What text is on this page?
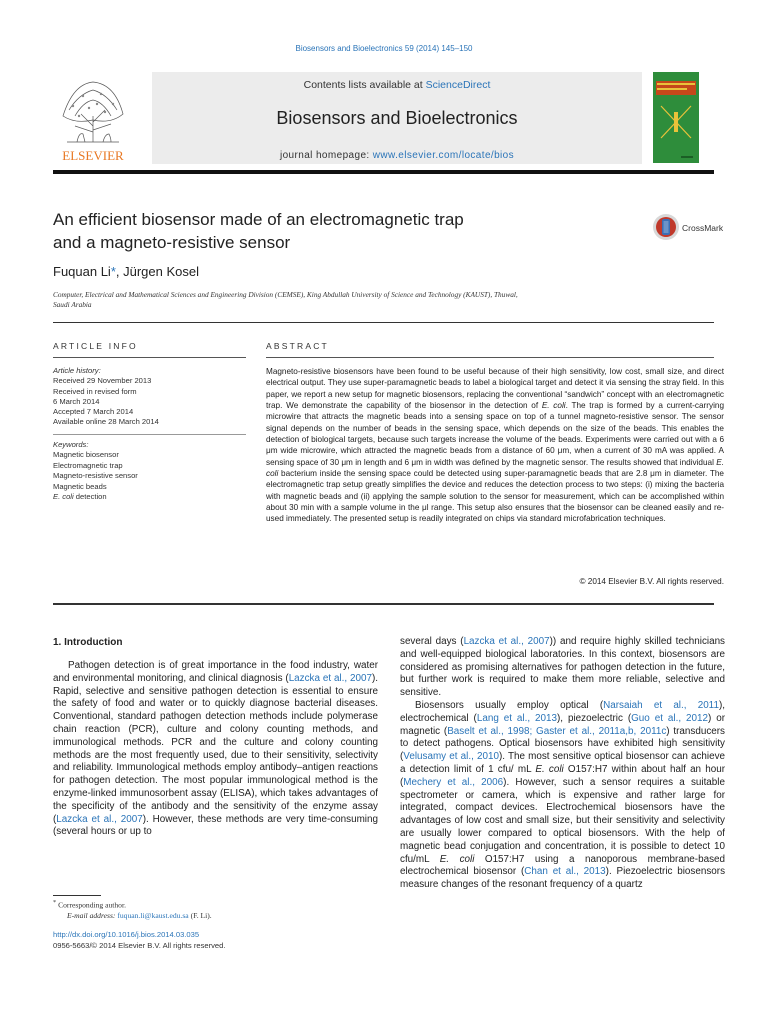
Biosensors and Bioelectronics 59 (2014) 145–150
ELSEVIER
Contents lists available at ScienceDirect
Biosensors and Bioelectronics
journal homepage: www.elsevier.com/locate/bios
An efficient biosensor made of an electromagnetic trap
and a magneto-resistive sensor
CrossMark
Fuquan Li*, Jürgen Kosel
Computer, Electrical and Mathematical Sciences and Engineering Division (CEMSE), King Abdullah University of Science and Technology (KAUST), Thuwal,
Saudi Arabia
ARTICLE INFO
Article history:
Received 29 November 2013
Received in revised form
6 March 2014
Accepted 7 March 2014
Available online 28 March 2014
Keywords:
Magnetic biosensor
Electromagnetic trap
Magneto-resistive sensor
Magnetic beads
E. coli detection
ABSTRACT
Magneto-resistive biosensors have been found to be useful because of their high sensitivity, low cost, small size, and direct electrical output. They use super-paramagnetic beads to label a biological target and detect it via sensing the stray field. In this paper, we report a new setup for magnetic biosensors, replacing the conventional “sandwich” concept with an electromagnetic trap. We demonstrate the capability of the biosensor in the detection of E. coli. The trap is formed by a current-carrying microwire that attracts the magnetic beads into a sensing space on top of a tunnel magneto-resistive sensor. The sensor signal depends on the number of beads in the sensing space, which depends on the size of the beads. This enables the detection of biological targets, because such targets increase the volume of the beads. Experiments were carried out with a 6 μm wide microwire, which attracted the magnetic beads from a distance of 60 μm, when a current of 30 mA was applied. A sensing space of 30 μm in length and 6 μm in width was defined by the magnetic sensor. The results showed that individual E. coli bacterium inside the sensing space could be detected using super-paramagnetic beads that are 2.8 μm in diameter. The electromagnetic trap setup greatly simplifies the device and reduces the detection process to two steps: (i) mixing the bacteria with magnetic beads and (ii) applying the sample solution to the sensor for measurement, which can be accomplished within about 30 min with a sample volume in the μl range. This setup also ensures that the biosensor can be cleaned easily and re-used immediately. The presented setup is readily integrated on chips via standard microfabrication techniques.
© 2014 Elsevier B.V. All rights reserved.
1. Introduction

Pathogen detection is of great importance in the food industry, water and environmental monitoring, and clinical diagnosis (Lazcka et al., 2007). Rapid, selective and sensitive pathogen detection is essential to ensure the safety of food and water or to quickly diagnose bacterial diseases. Conventional, standard pathogen detection methods include polymerase chain reaction (PCR), culture and colony counting methods, and immunological methods. PCR and the culture and colony counting methods are the most frequently used, due to their sensitivity, selectivity and reliability. Immunological methods employ antibody–antigen reactions for pathogen detection. The most popular immunological method is the enzyme-linked immunosorbent assay (ELISA), which takes advantages of the specificity of the antibody and the sensitivity of the enzyme assay (Lazcka et al., 2007). However, these methods are very time-consuming (several hours or up to

several days (Lazcka et al., 2007)) and require highly skilled technicians and well-equipped biological laboratories. In this context, biosensors are considered as promising alternatives for pathogen detection in the future, but further work is required to make them more reliable, selective and sensitive.

Biosensors usually employ optical (Narsaiah et al., 2011), electrochemical (Lang et al., 2013), piezoelectric (Guo et al., 2012) or magnetic (Baselt et al., 1998; Gaster et al., 2011a,b, 2011c) transducers to detect pathogens. Optical biosensors have exhibited high sensitivity (Velusamy et al., 2010). The most sensitive optical biosensor can achieve a detection limit of 1 cfu/ mL E. coli O157:H7 within about half an hour (Mechery et al., 2006). However, such a sensor requires a suitable spectrometer or camera, which is expensive and rather large for integrated, compact devices. Electrochemical biosensors have the advantages of low cost and small size, but their sensitivity and selectivity are usually lower compared to optical biosensors. With the help of magnetic bead conjugation and concentration, it is possible to detect 10 cfu/mL E. coli O157:H7 using a nanoporous membrane-based electrochemical biosensor (Chan et al., 2013). Piezoelectric biosensors measure changes of the resonant frequency of a quartz

* Corresponding author.
E-mail address: fuquan.li@kaust.edu.sa (F. Li).
http://dx.doi.org/10.1016/j.bios.2014.03.035
0956-5663/© 2014 Elsevier B.V. All rights reserved.
